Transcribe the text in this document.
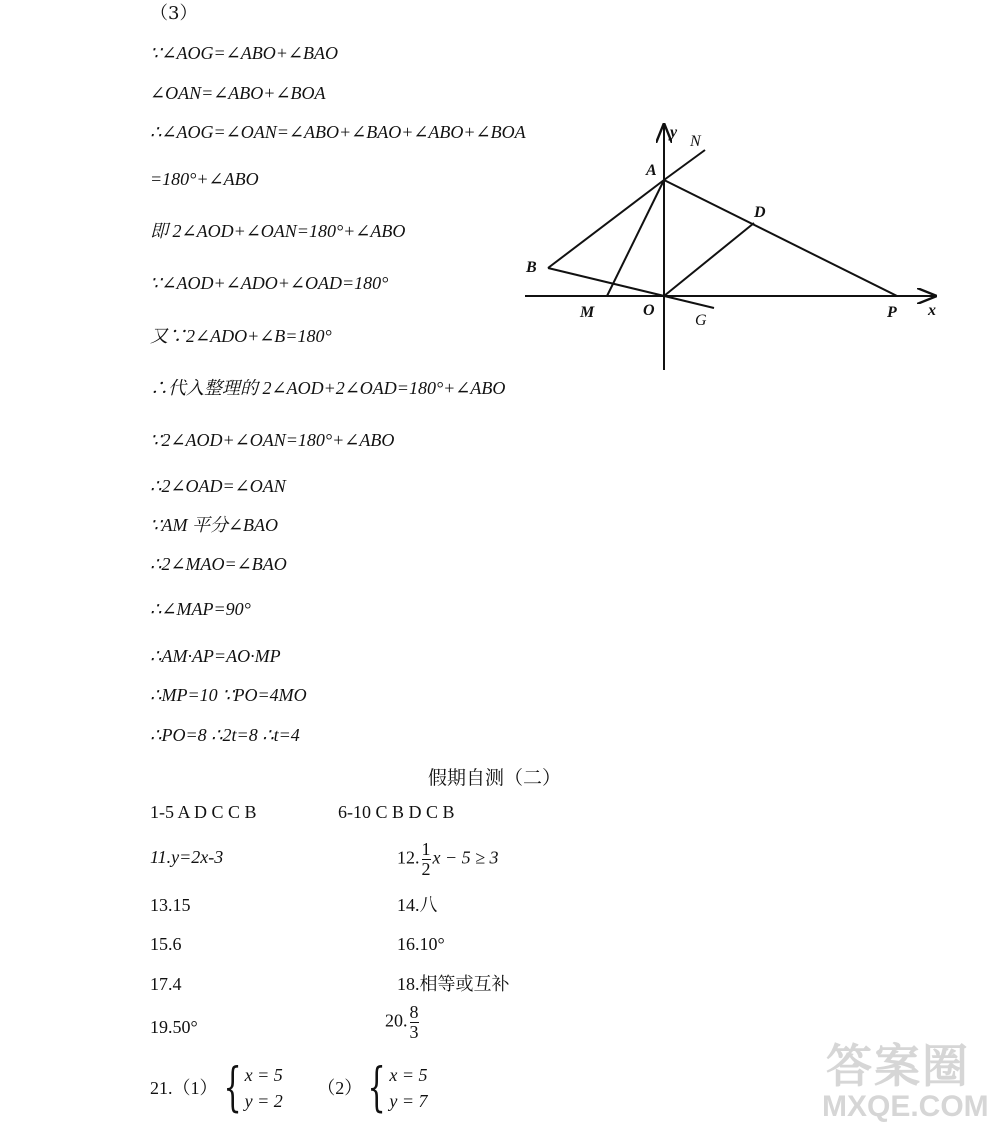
（3）
∵∠AOG=∠ABO+∠BAO
∠OAN=∠ABO+∠BOA
∴∠AOG=∠OAN=∠ABO+∠BAO+∠ABO+∠BOA
=180°+∠ABO
即 2∠AOD+∠OAN=180°+∠ABO
∵∠AOD+∠ADO+∠OAD=180°
又∵2∠ADO+∠B=180°
∴代入整理的 2∠AOD+2∠OAD=180°+∠ABO
∵2∠AOD+∠OAN=180°+∠ABO
∴2∠OAD=∠OAN
∵AM 平分∠BAO
∴2∠MAO=∠BAO
∴∠MAP=90°
∴AM·AP=AO·MP
∴MP=10 ∵PO=4MO
∴PO=8 ∴2t=8 ∴t=4
y
N
A
D
B
M	O
G	P x
假期自测（二）
1-5 A D C C B	6-10 C B D C B
11.y=2x-3	12. $\frac{1}{2}$ x − 5 ≥ 3
13.15	14.八
15.6	16.10°
17.4	18.相等或互补
19.50°	20. $\frac{8}{3}$
21.（1） { x = 5
y = 2
（2） { x = 5
y = 7
答案圈
MXQE.COM
